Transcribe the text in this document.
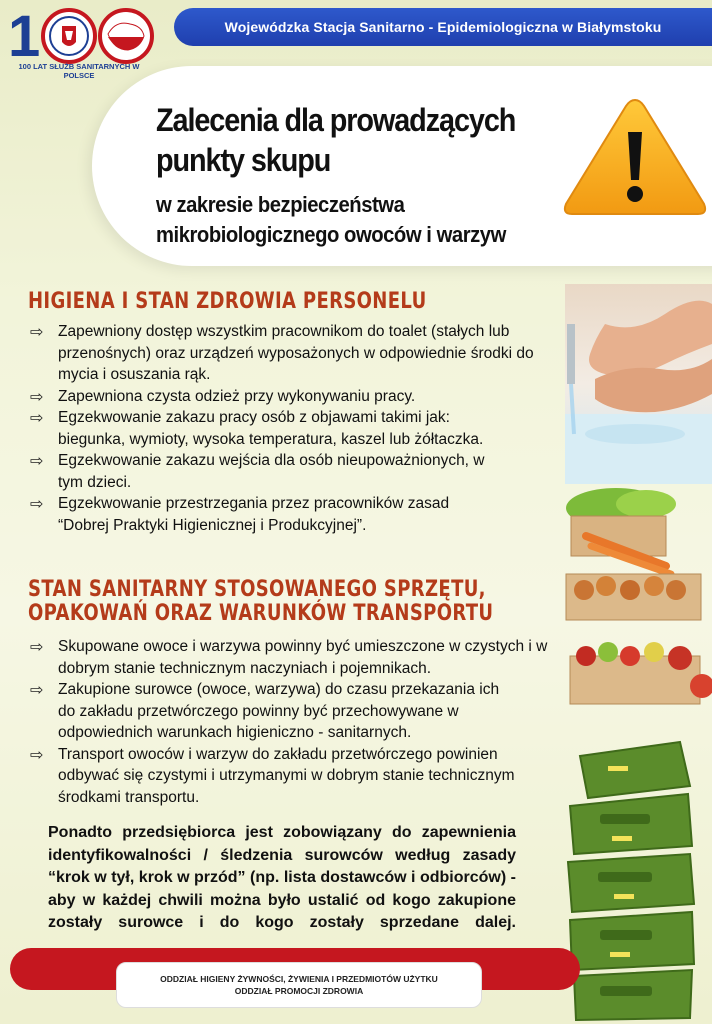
1
100 LAT SŁUŻB SANITARNYCH W POLSCE
Wojewódzka Stacja Sanitarno - Epidemiologiczna w Białymstoku
Zalecenia dla prowadzących
punkty skupu
w zakresie bezpieczeństwa
mikrobiologicznego owoców i warzyw
HIGIENA I STAN ZDROWIA PERSONELU
⇨ Zapewniony dostęp wszystkim pracownikom do toalet (stałych lub przenośnych) oraz urządzeń wyposażonych w odpowiednie środki do mycia i osuszania rąk.
⇨ Zapewniona czysta odzież przy wykonywaniu pracy.
⇨ Egzekwowanie zakazu pracy osób z objawami takimi jak: biegunka, wymioty, wysoka temperatura, kaszel lub żółtaczka.
⇨ Egzekwowanie zakazu wejścia dla osób nieupoważnionych, w tym dzieci.
⇨ Egzekwowanie przestrzegania przez pracowników zasad “Dobrej Praktyki Higienicznej i Produkcyjnej”.
STAN SANITARNY STOSOWANEGO SPRZĘTU,
OPAKOWAŃ ORAZ WARUNKÓW TRANSPORTU
⇨ Skupowane owoce i warzywa powinny być umieszczone w czystych i w dobrym stanie technicznym naczyniach i pojemnikach.
⇨ Zakupione surowce (owoce, warzywa) do czasu przekazania ich do zakładu przetwórczego powinny być przechowywane w odpowiednich warunkach higieniczno - sanitarnych.
⇨ Transport owoców i warzyw do zakładu przetwórczego powinien odbywać się czystymi i utrzymanymi w dobrym stanie technicznym środkami transportu.
Ponadto przedsiębiorca jest zobowiązany do zapewnienia identyfikowalności / śledzenia surowców według zasady “krok w tył, krok w przód” (np. lista dostawców i odbiorców) - aby w każdej chwili można było ustalić od kogo zakupione zostały surowce i do kogo zostały sprzedane dalej.
ODDZIAŁ HIGIENY ŻYWNOŚCI, ŻYWIENIA I PRZEDMIOTÓW UŻYTKU
ODDZIAŁ PROMOCJI ZDROWIA
